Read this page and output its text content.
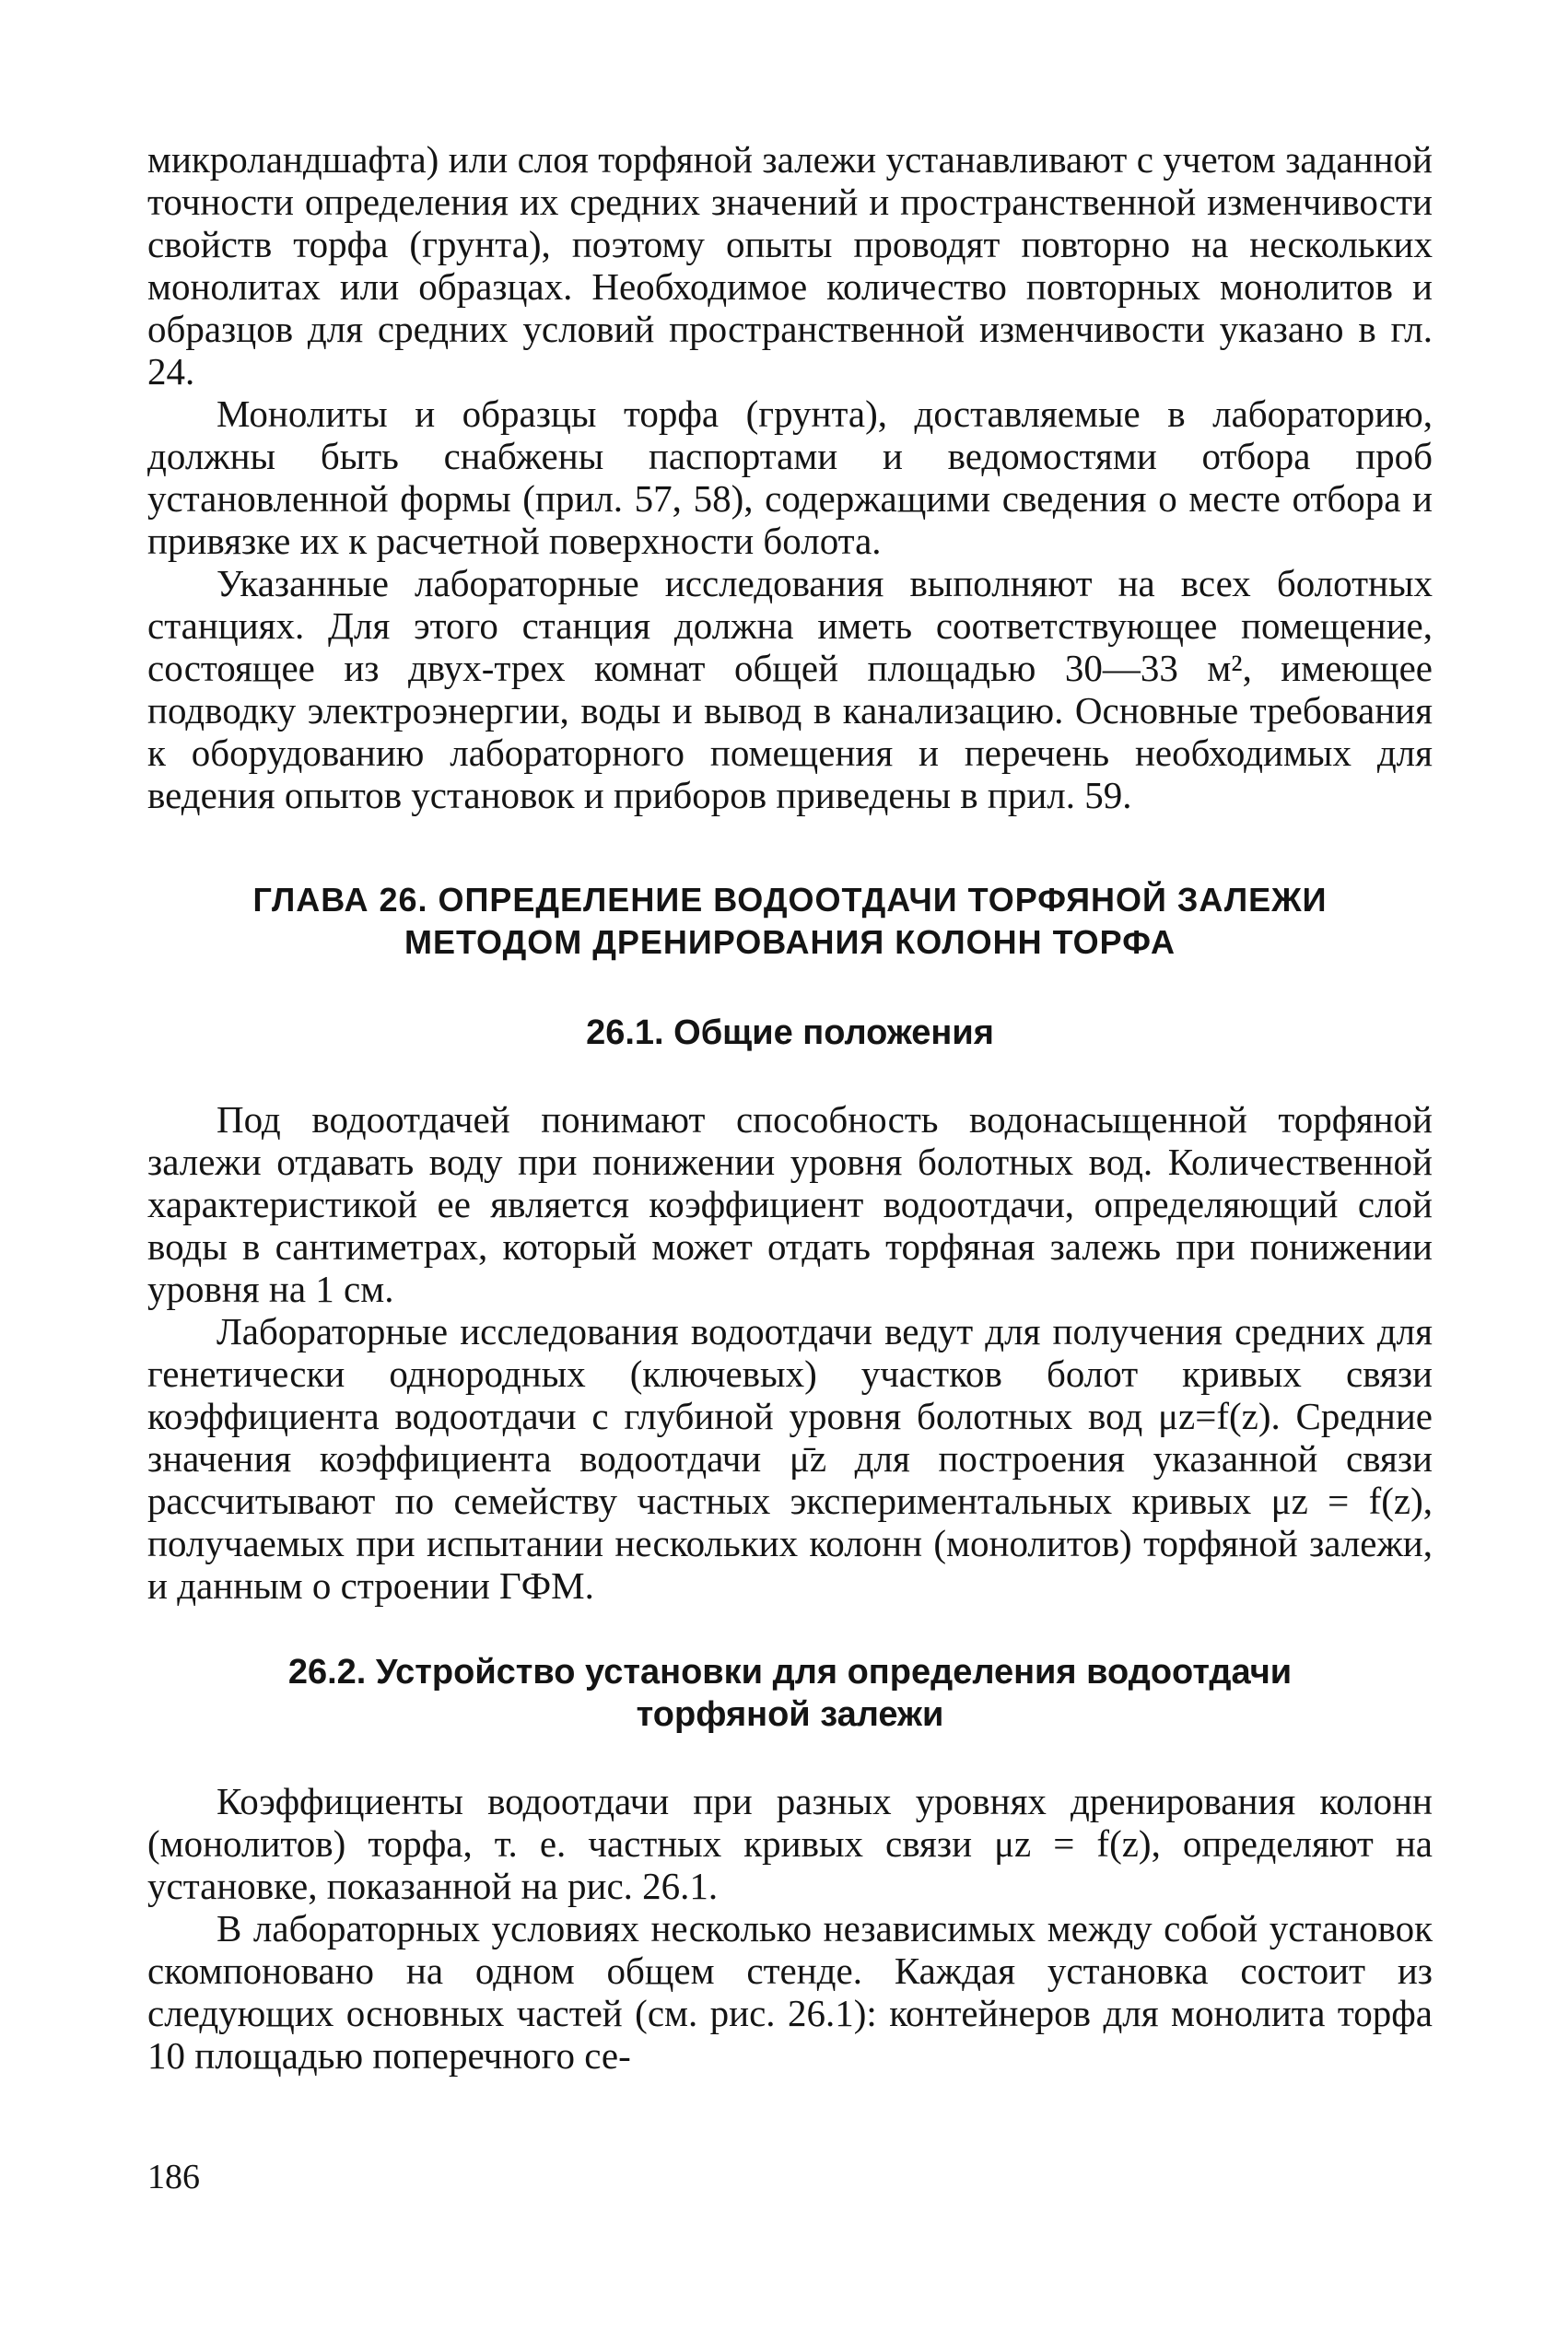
микроландшафта) или слоя торфяной залежи устанавливают с учетом заданной точности определения их средних значений и пространственной изменчивости свойств торфа (грунта), поэтому опыты проводят повторно на нескольких монолитах или образцах. Необходимое количество повторных монолитов и образцов для средних условий пространственной изменчивости указано в гл. 24.

Монолиты и образцы торфа (грунта), доставляемые в лабораторию, должны быть снабжены паспортами и ведомостями отбора проб установленной формы (прил. 57, 58), содержащими сведения о месте отбора и привязке их к расчетной поверхности болота.

Указанные лабораторные исследования выполняют на всех болотных станциях. Для этого станция должна иметь соответствующее помещение, состоящее из двух-трех комнат общей площадью 30—33 м², имеющее подводку электроэнергии, воды и вывод в канализацию. Основные требования к оборудованию лабораторного помещения и перечень необходимых для ведения опытов установок и приборов приведены в прил. 59.

ГЛАВА 26. ОПРЕДЕЛЕНИЕ ВОДООТДАЧИ ТОРФЯНОЙ ЗАЛЕЖИ
МЕТОДОМ ДРЕНИРОВАНИЯ КОЛОНН ТОРФА
26.1. Общие положения

Под водоотдачей понимают способность водонасыщенной торфяной залежи отдавать воду при понижении уровня болотных вод. Количественной характеристикой ее является коэффициент водоотдачи, определяющий слой воды в сантиметрах, который может отдать торфяная залежь при понижении уровня на 1 см.

Лабораторные исследования водоотдачи ведут для получения средних для генетически однородных (ключевых) участков болот кривых связи коэффициента водоотдачи с глубиной уровня болотных вод μz=f(z). Средние значения коэффициента водоотдачи μ̄z для построения указанной связи рассчитывают по семейству частных экспериментальных кривых μz = f(z), получаемых при испытании нескольких колонн (монолитов) торфяной залежи, и данным о строении ГФМ.

26.2. Устройство установки для определения водоотдачи
торфяной залежи

Коэффициенты водоотдачи при разных уровнях дренирования колонн (монолитов) торфа, т. е. частных кривых связи μz = f(z), определяют на установке, показанной на рис. 26.1.

В лабораторных условиях несколько независимых между собой установок скомпоновано на одном общем стенде. Каждая установка состоит из следующих основных частей (см. рис. 26.1): контейнеров для монолита торфа 10 площадью поперечного се-

186
